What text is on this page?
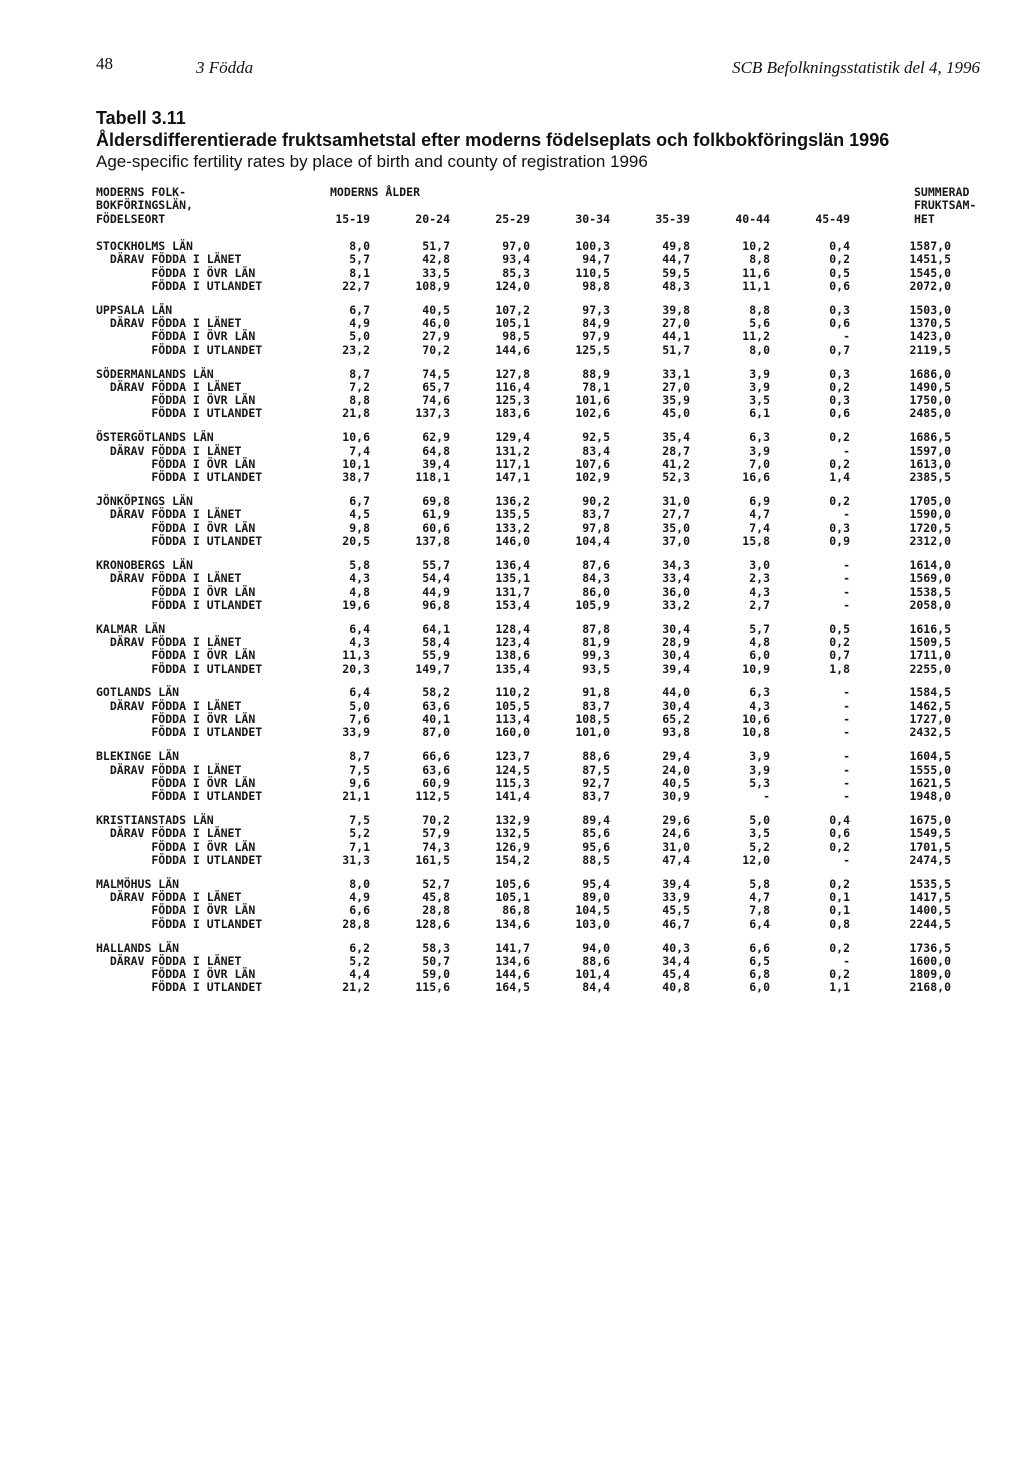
48	3 Födda	SCB Befolkningsstatistik del 4, 1996
Tabell 3.11
Åldersdifferentierade fruktsamhetstal efter moderns födelseplats och folkbokföringslän 1996
Age-specific fertility rates by place of birth and county of registration 1996
MODERNS FOLK-
BOKFÖRINGSLÄN,
FÖDELSEORT
MODERNS ÅLDER
15-19	20-24	25-29	30-34	35-39	40-44	45-49
SUMMERAD
FRUKTSAM-
HET
STOCKHOLMS LÄN	8,0	51,7	97,0	100,3	49,8	10,2	0,4	1587,0
DÄRAV FÖDDA I LÄNET	5,7	42,8	93,4	94,7	44,7	8,8	0,2	1451,5
FÖDDA I ÖVR LÄN	8,1	33,5	85,3	110,5	59,5	11,6	0,5	1545,0
FÖDDA I UTLANDET	22,7	108,9	124,0	98,8	48,3	11,1	0,6	2072,0
UPPSALA LÄN	6,7	40,5	107,2	97,3	39,8	8,8	0,3	1503,0
DÄRAV FÖDDA I LÄNET	4,9	46,0	105,1	84,9	27,0	5,6	0,6	1370,5
FÖDDA I ÖVR LÄN	5,0	27,9	98,5	97,9	44,1	11,2	-	1423,0
FÖDDA I UTLANDET	23,2	70,2	144,6	125,5	51,7	8,0	0,7	2119,5
SÖDERMANLANDS LÄN	8,7	74,5	127,8	88,9	33,1	3,9	0,3	1686,0
DÄRAV FÖDDA I LÄNET	7,2	65,7	116,4	78,1	27,0	3,9	0,2	1490,5
FÖDDA I ÖVR LÄN	8,8	74,6	125,3	101,6	35,9	3,5	0,3	1750,0
FÖDDA I UTLANDET	21,8	137,3	183,6	102,6	45,0	6,1	0,6	2485,0
ÖSTERGÖTLANDS LÄN	10,6	62,9	129,4	92,5	35,4	6,3	0,2	1686,5
DÄRAV FÖDDA I LÄNET	7,4	64,8	131,2	83,4	28,7	3,9	-	1597,0
FÖDDA I ÖVR LÄN	10,1	39,4	117,1	107,6	41,2	7,0	0,2	1613,0
FÖDDA I UTLANDET	38,7	118,1	147,1	102,9	52,3	16,6	1,4	2385,5
JÖNKÖPINGS LÄN	6,7	69,8	136,2	90,2	31,0	6,9	0,2	1705,0
DÄRAV FÖDDA I LÄNET	4,5	61,9	135,5	83,7	27,7	4,7	-	1590,0
FÖDDA I ÖVR LÄN	9,8	60,6	133,2	97,8	35,0	7,4	0,3	1720,5
FÖDDA I UTLANDET	20,5	137,8	146,0	104,4	37,0	15,8	0,9	2312,0
KRONOBERGS LÄN	5,8	55,7	136,4	87,6	34,3	3,0	-	1614,0
DÄRAV FÖDDA I LÄNET	4,3	54,4	135,1	84,3	33,4	2,3	-	1569,0
FÖDDA I ÖVR LÄN	4,8	44,9	131,7	86,0	36,0	4,3	-	1538,5
FÖDDA I UTLANDET	19,6	96,8	153,4	105,9	33,2	2,7	-	2058,0
KALMAR LÄN	6,4	64,1	128,4	87,8	30,4	5,7	0,5	1616,5
DÄRAV FÖDDA I LÄNET	4,3	58,4	123,4	81,9	28,9	4,8	0,2	1509,5
FÖDDA I ÖVR LÄN	11,3	55,9	138,6	99,3	30,4	6,0	0,7	1711,0
FÖDDA I UTLANDET	20,3	149,7	135,4	93,5	39,4	10,9	1,8	2255,0
GOTLANDS LÄN	6,4	58,2	110,2	91,8	44,0	6,3	-	1584,5
DÄRAV FÖDDA I LÄNET	5,0	63,6	105,5	83,7	30,4	4,3	-	1462,5
FÖDDA I ÖVR LÄN	7,6	40,1	113,4	108,5	65,2	10,6	-	1727,0
FÖDDA I UTLANDET	33,9	87,0	160,0	101,0	93,8	10,8	-	2432,5
BLEKINGE LÄN	8,7	66,6	123,7	88,6	29,4	3,9	-	1604,5
DÄRAV FÖDDA I LÄNET	7,5	63,6	124,5	87,5	24,0	3,9	-	1555,0
FÖDDA I ÖVR LÄN	9,6	60,9	115,3	92,7	40,5	5,3	-	1621,5
FÖDDA I UTLANDET	21,1	112,5	141,4	83,7	30,9	-	-	1948,0
KRISTIANSTADS LÄN	7,5	70,2	132,9	89,4	29,6	5,0	0,4	1675,0
DÄRAV FÖDDA I LÄNET	5,2	57,9	132,5	85,6	24,6	3,5	0,6	1549,5
FÖDDA I ÖVR LÄN	7,1	74,3	126,9	95,6	31,0	5,2	0,2	1701,5
FÖDDA I UTLANDET	31,3	161,5	154,2	88,5	47,4	12,0	-	2474,5
MALMÖHUS LÄN	8,0	52,7	105,6	95,4	39,4	5,8	0,2	1535,5
DÄRAV FÖDDA I LÄNET	4,9	45,8	105,1	89,0	33,9	4,7	0,1	1417,5
FÖDDA I ÖVR LÄN	6,6	28,8	86,8	104,5	45,5	7,8	0,1	1400,5
FÖDDA I UTLANDET	28,8	128,6	134,6	103,0	46,7	6,4	0,8	2244,5
HALLANDS LÄN	6,2	58,3	141,7	94,0	40,3	6,6	0,2	1736,5
DÄRAV FÖDDA I LÄNET	5,2	50,7	134,6	88,6	34,4	6,5	-	1600,0
FÖDDA I ÖVR LÄN	4,4	59,0	144,6	101,4	45,4	6,8	0,2	1809,0
FÖDDA I UTLANDET	21,2	115,6	164,5	84,4	40,8	6,0	1,1	2168,0
